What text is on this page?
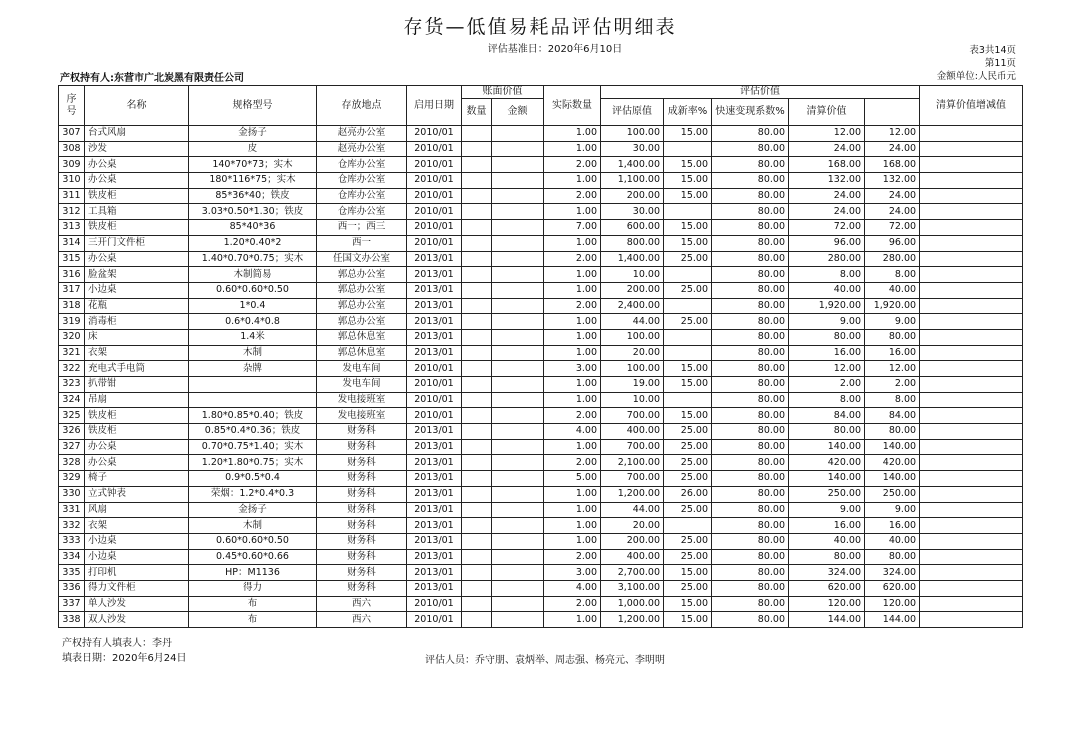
存货—低值易耗品评估明细表
评估基准日：2020年6月10日	表3共14页
第11页
金额单位:人民币元
产权持有人:东营市广北炭黑有限责任公司
序号	名称	规格型号	存放地点	启用日期	账面价值		实际数量	评估价值					清算价值增减值	
					数量	金额		评估原值	成新率%	快速变现系数%	清算价值			
307	台式风扇	金扬子	赵亮办公室	2010/01			1.00	100.00	15.00	80.00	12.00	12.00		
308	沙发	皮	赵亮办公室	2010/01			1.00	30.00		80.00	24.00	24.00		
309	办公桌	140*70*73；实木	仓库办公室	2010/01			2.00	1,400.00	15.00	80.00	168.00	168.00		
310	办公桌	180*116*75；实木	仓库办公室	2010/01			1.00	1,100.00	15.00	80.00	132.00	132.00		
311	铁皮柜	85*36*40；铁皮	仓库办公室	2010/01			2.00	200.00	15.00	80.00	24.00	24.00		
312	工具箱	3.03*0.50*1.30；铁皮	仓库办公室	2010/01			1.00	30.00		80.00	24.00	24.00		
313	铁皮柜	85*40*36	西一；西三	2010/01			7.00	600.00	15.00	80.00	72.00	72.00		
314	三开门文件柜	1.20*0.40*2	西一	2010/01			1.00	800.00	15.00	80.00	96.00	96.00		
315	办公桌	1.40*0.70*0.75；实木	任国文办公室	2013/01			2.00	1,400.00	25.00	80.00	280.00	280.00		
316	脸盆架	木制简易	郭总办公室	2013/01			1.00	10.00		80.00	8.00	8.00		
317	小边桌	0.60*0.60*0.50	郭总办公室	2013/01			1.00	200.00	25.00	80.00	40.00	40.00		
318	花瓶	1*0.4	郭总办公室	2013/01			2.00	2,400.00		80.00	1,920.00	1,920.00		
319	消毒柜	0.6*0.4*0.8	郭总办公室	2013/01			1.00	44.00	25.00	80.00	9.00	9.00		
320	床	1.4米	郭总休息室	2013/01			1.00	100.00		80.00	80.00	80.00		
321	衣架	木制	郭总休息室	2013/01			1.00	20.00		80.00	16.00	16.00		
322	充电式手电筒	杂牌	发电车间	2010/01			3.00	100.00	15.00	80.00	12.00	12.00		
323	扒带钳		发电车间	2010/01			1.00	19.00	15.00	80.00	2.00	2.00		
324	吊扇		发电接班室	2010/01			1.00	10.00		80.00	8.00	8.00		
325	铁皮柜	1.80*0.85*0.40；铁皮	发电接班室	2010/01			2.00	700.00	15.00	80.00	84.00	84.00		
326	铁皮柜	0.85*0.4*0.36；铁皮	财务科	2013/01			4.00	400.00	25.00	80.00	80.00	80.00		
327	办公桌	0.70*0.75*1.40；实木	财务科	2013/01			1.00	700.00	25.00	80.00	140.00	140.00		
328	办公桌	1.20*1.80*0.75；实木	财务科	2013/01			2.00	2,100.00	25.00	80.00	420.00	420.00		
329	椅子	0.9*0.5*0.4	财务科	2013/01			5.00	700.00	25.00	80.00	140.00	140.00		
330	立式钟表	荣烟：1.2*0.4*0.3	财务科	2013/01			1.00	1,200.00	26.00	80.00	250.00	250.00		
331	风扇	金扬子	财务科	2013/01			1.00	44.00	25.00	80.00	9.00	9.00		
332	衣架	木制	财务科	2013/01			1.00	20.00		80.00	16.00	16.00		
333	小边桌	0.60*0.60*0.50	财务科	2013/01			1.00	200.00	25.00	80.00	40.00	40.00		
334	小边桌	0.45*0.60*0.66	财务科	2013/01			2.00	400.00	25.00	80.00	80.00	80.00		
335	打印机	HP：M1136	财务科	2013/01			3.00	2,700.00	15.00	80.00	324.00	324.00		
336	得力文件柜	得力	财务科	2013/01			4.00	3,100.00	25.00	80.00	620.00	620.00		
337	单人沙发	布	西六	2010/01			2.00	1,000.00	15.00	80.00	120.00	120.00		
338	双人沙发	布	西六	2010/01			1.00	1,200.00	15.00	80.00	144.00	144.00		
产权持有人填表人：李丹
填表日期：2020年6月24日	评估人员：乔守朋、袁炳举、周志强、杨亮元、李明明
